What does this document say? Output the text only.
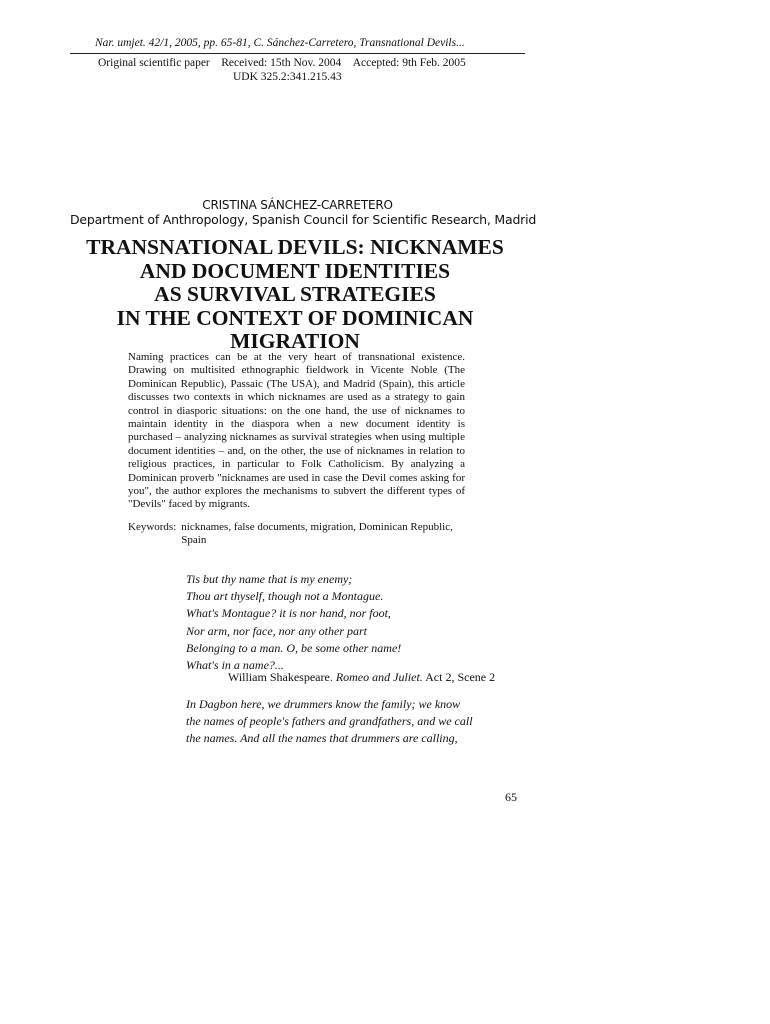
Nar. umjet. 42/1, 2005, pp. 65-81, C. Sánchez-Carretero, Transnational Devils...
Original scientific paper Received: 15th Nov. 2004 Accepted: 9th Feb. 2005
UDK 325.2:341.215.43
CRISTINA SÁNCHEZ-CARRETERO
Department of Anthropology, Spanish Council for Scientific Research, Madrid
TRANSNATIONAL DEVILS: NICKNAMES
AND DOCUMENT IDENTITIES
AS SURVIVAL STRATEGIES
IN THE CONTEXT OF DOMINICAN
MIGRATION
Naming practices can be at the very heart of transnational existence. Drawing on multisited ethnographic fieldwork in Vicente Noble (The Dominican Republic), Passaic (The USA), and Madrid (Spain), this article discusses two contexts in which nicknames are used as a strategy to gain control in diasporic situations: on the one hand, the use of nicknames to maintain identity in the diaspora when a new document identity is purchased – analyzing nicknames as survival strategies when using multiple document identities – and, on the other, the use of nicknames in relation to religious practices, in particular to Folk Catholicism. By analyzing a Dominican proverb "nicknames are used in case the Devil comes asking for you", the author explores the mechanisms to subvert the different types of "Devils" faced by migrants.
Keywords: nicknames, false documents, migration, Dominican Republic, Spain
Tis but thy name that is my enemy;
Thou art thyself, though not a Montague.
What's Montague? it is nor hand, nor foot,
Nor arm, nor face, nor any other part
Belonging to a man. O, be some other name!
What's in a name?...
William Shakespeare. Romeo and Juliet. Act 2, Scene 2
In Dagbon here, we drummers know the family; we know
the names of people's fathers and grandfathers, and we call
the names. And all the names that drummers are calling,
65
